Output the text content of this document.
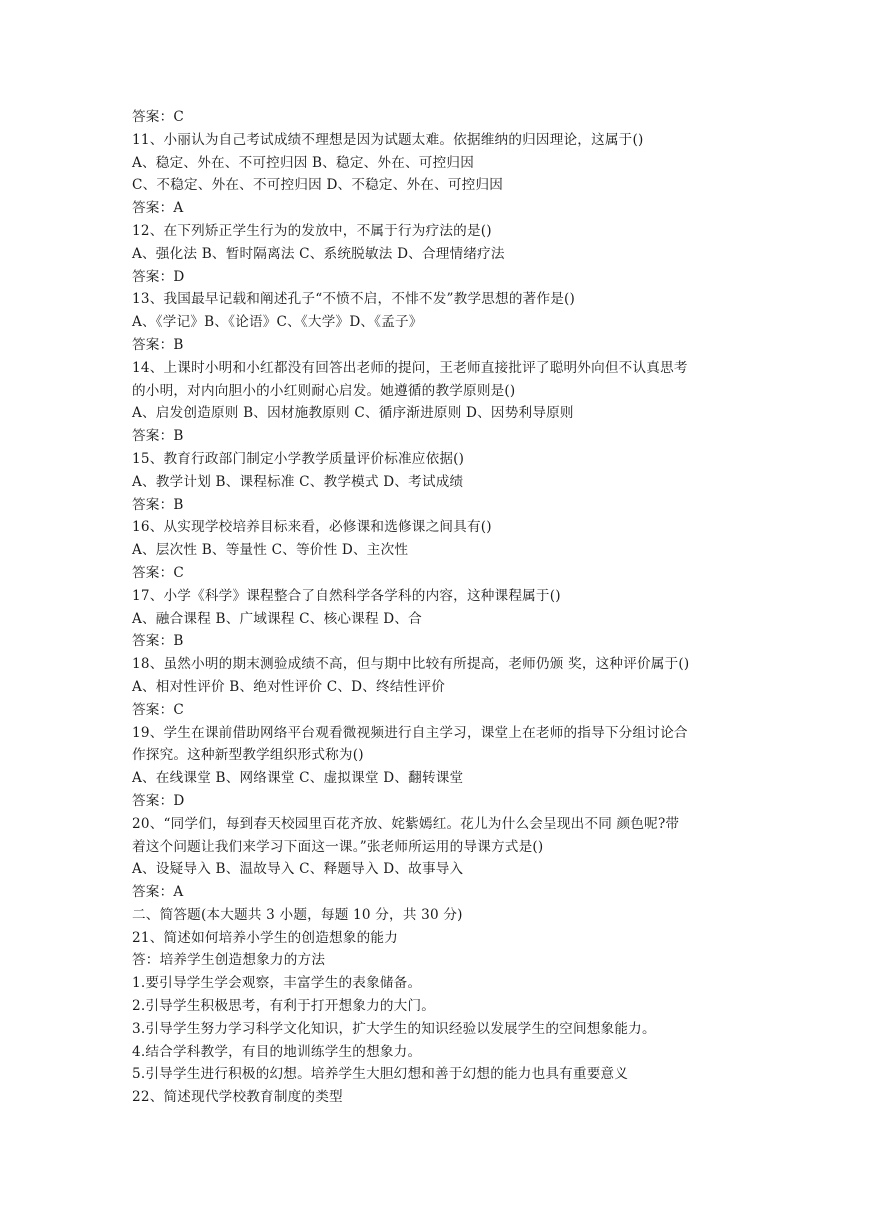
答案：C
11、小丽认为自己考试成绩不理想是因为试题太难。依据维纳的归因理论，这属于()
A、稳定、外在、不可控归因 B、稳定、外在、可控归因
C、不稳定、外在、不可控归因 D、不稳定、外在、可控归因
答案：A
12、在下列矫正学生行为的发放中，不属于行为疗法的是()
A、强化法 B、暂时隔离法 C、系统脱敏法 D、合理情绪疗法
答案：D
13、我国最早记载和阐述孔子“不愤不启，不悱不发”教学思想的著作是()
A、《学记》B、《论语》C、《大学》D、《孟子》
答案：B
14、上课时小明和小红都没有回答出老师的提问，王老师直接批评了聪明外向但不认真思考
的小明，对内向胆小的小红则耐心启发。她遵循的教学原则是()
A、启发创造原则 B、因材施教原则 C、循序渐进原则 D、因势利导原则
答案：B
15、教育行政部门制定小学教学质量评价标准应依据()
A、教学计划 B、课程标准 C、教学模式 D、考试成绩
答案：B
16、从实现学校培养目标来看，必修课和选修课之间具有()
A、层次性 B、等量性 C、等价性 D、主次性
答案：C
17、小学《科学》课程整合了自然科学各学科的内容，这种课程属于()
A、融合课程 B、广域课程 C、核心课程 D、合
答案：B
18、虽然小明的期末测验成绩不高，但与期中比较有所提高，老师仍颁 奖，这种评价属于()
A、相对性评价 B、绝对性评价 C、D、终结性评价
答案：C
19、学生在课前借助网络平台观看微视频进行自主学习，课堂上在老师的指导下分组讨论合
作探究。这种新型教学组织形式称为()
A、在线课堂 B、网络课堂 C、虚拟课堂 D、翻转课堂
答案：D
20、“同学们，每到春天校园里百花齐放、姹紫嫣红。花儿为什么会呈现出不同 颜色呢?带
着这个问题让我们来学习下面这一课。”张老师所运用的导课方式是()
A、设疑导入 B、温故导入 C、释题导入 D、故事导入
答案：A
二、简答题(本大题共 3 小题，每题 10 分，共 30 分)
21、简述如何培养小学生的创造想象的能力
答：培养学生创造想象力的方法
1.要引导学生学会观察，丰富学生的表象储备。
2.引导学生积极思考，有利于打开想象力的大门。
3.引导学生努力学习科学文化知识，扩大学生的知识经验以发展学生的空间想象能力。
4.结合学科教学，有目的地训练学生的想象力。
5.引导学生进行积极的幻想。培养学生大胆幻想和善于幻想的能力也具有重要意义
22、简述现代学校教育制度的类型
